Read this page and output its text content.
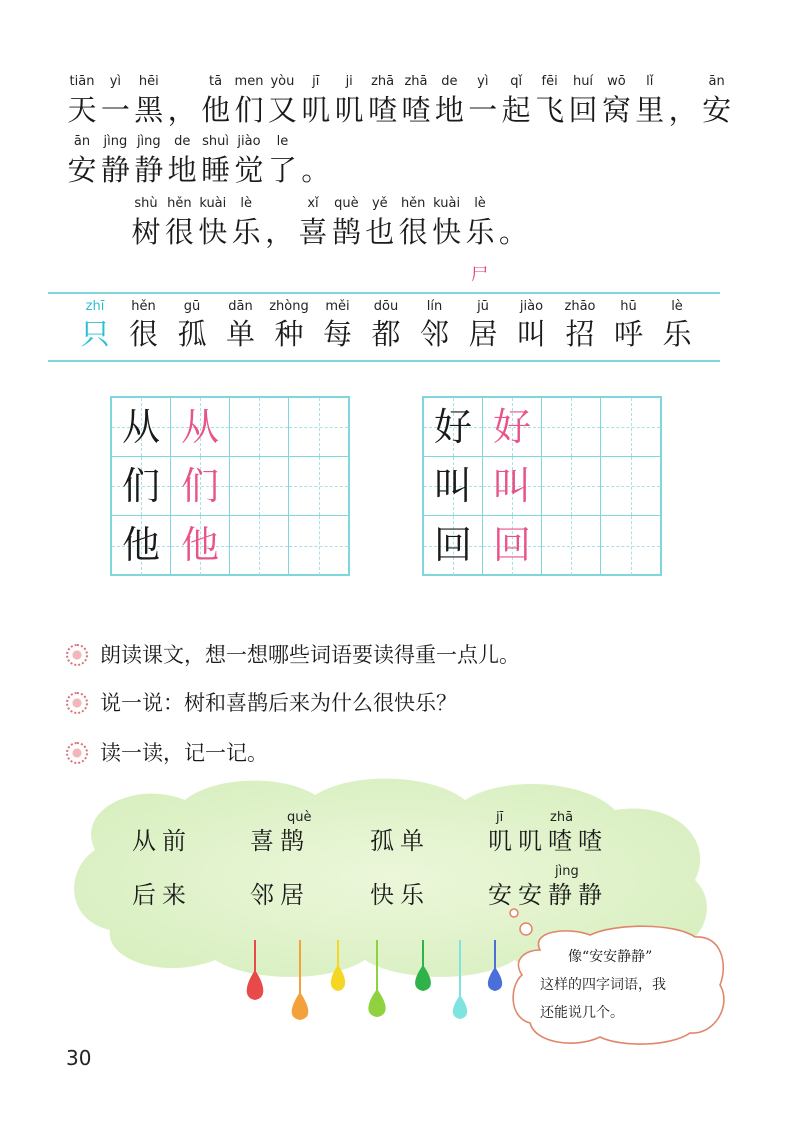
tiān
天
yì
一
hēi
黑 ，
tā
他
men
们
yòu
又
jī
叽
ji
叽
zhā
喳
zhā
喳
de
地
yì
一
qǐ
起
fēi
飞
huí
回
wō
窝
lǐ
里 ，
ān
安
ān
安
jìng
静
jìng
静
de
地
shuì
睡
jiào
觉
le
了 。
shù
树
hěn
很
kuài
快
lè
乐 ，
xǐ
喜
què
鹊
yě
也
hěn
很
kuài
快
lè
乐 。
尸
zhī
只
hěn
很
gū
孤
dān
单
zhòng
种
měi
每
dōu
都
lín
邻
jū
居
jiào
叫
zhāo
招
hū
呼
lè
乐
从 从
们 们
他 他
好 好
叫 叫
回 回
朗读课文，想一想哪些词语要读得重一点儿。
说一说：树和喜鹊后来为什么很快乐？
读一读，记一记。
què	jī	zhā
jìng
从前 喜鹊	孤单 叽叽喳喳
后来 邻居	快乐 安安静静
像“安安静静”
这样的四字词语，我
还能说几个。
30
